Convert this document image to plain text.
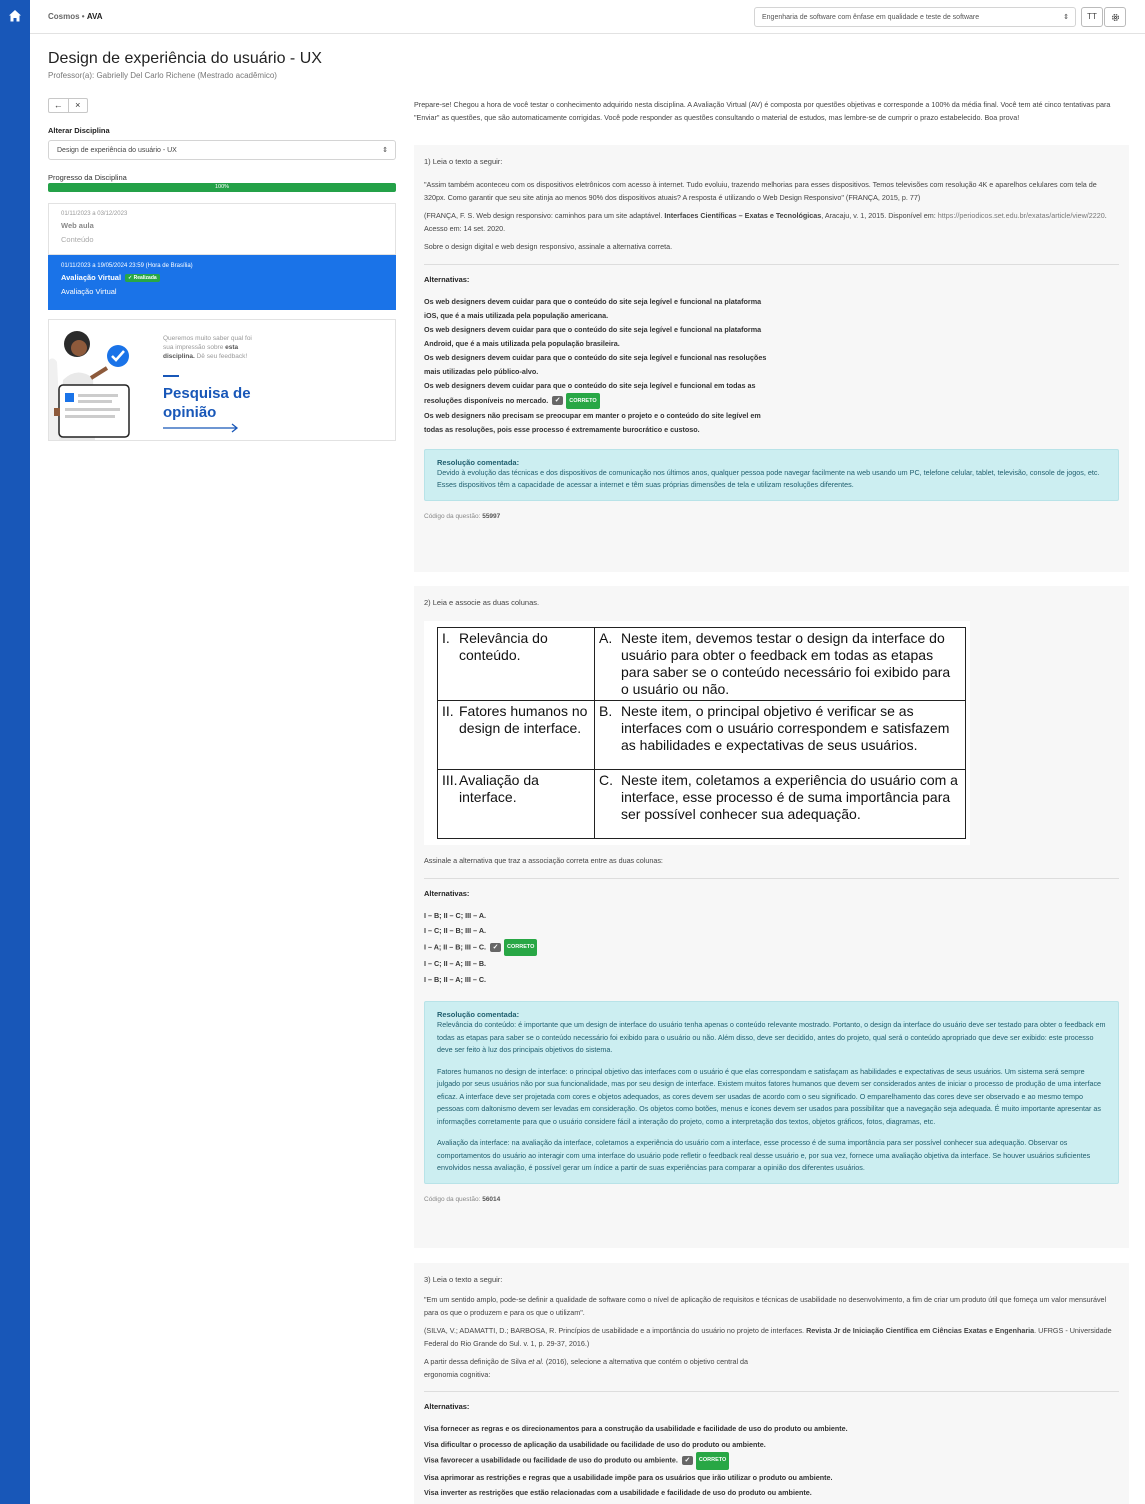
Cosmos • AVA	Engenharia de software com ênfase em qualidade e teste de software	⇕	TT
Design de experiência do usuário - UX
Professor(a): Gabrielly Del Carlo Richene (Mestrado acadêmico)
←	×
Alterar Disciplina
Design de experiência do usuário - UX	⇕
Progresso da Disciplina
100%
01/11/2023 a 03/12/2023
Web aula
Conteúdo
01/11/2023 a 19/05/2024 23:59 (Hora de Brasília)
Avaliação Virtual ✓ Realizada
Avaliação Virtual
Queremos muito saber qual foi sua impressão sobre esta disciplina. Dê seu feedback!
Pesquisa de
opinião
Prepare-se! Chegou a hora de você testar o conhecimento adquirido nesta disciplina. A Avaliação Virtual (AV) é composta por questões objetivas e corresponde a 100% da média final. Você tem até cinco tentativas para "Enviar" as questões, que são automaticamente corrigidas. Você pode responder as questões consultando o material de estudos, mas lembre-se de cumprir o prazo estabelecido. Boa prova!
1) Leia o texto a seguir:
"Assim também aconteceu com os dispositivos eletrônicos com acesso à internet. Tudo evoluiu, trazendo melhorias para esses dispositivos. Temos televisões com resolução 4K e aparelhos celulares com tela de 320px. Como garantir que seu site atinja ao menos 90% dos dispositivos atuais? A resposta é utilizando o Web Design Responsivo" (FRANÇA, 2015, p. 77)
(FRANÇA, F. S. Web design responsivo: caminhos para um site adaptável. Interfaces Científicas – Exatas e Tecnológicas, Aracaju, v. 1, 2015. Disponível em: https://periodicos.set.edu.br/exatas/article/view/2220. Acesso em: 14 set. 2020.
Sobre o design digital e web design responsivo, assinale a alternativa correta.
Alternativas:
Os web designers devem cuidar para que o conteúdo do site seja legível e funcional na plataforma iOS, que é a mais utilizada pela população americana.
Os web designers devem cuidar para que o conteúdo do site seja legível e funcional na plataforma Android, que é a mais utilizada pela população brasileira.
Os web designers devem cuidar para que o conteúdo do site seja legível e funcional nas resoluções mais utilizadas pelo público-alvo.
Os web designers devem cuidar para que o conteúdo do site seja legível e funcional em todas as resoluções disponíveis no mercado. ✓ CORRETO
Os web designers não precisam se preocupar em manter o projeto e o conteúdo do site legível em todas as resoluções, pois esse processo é extremamente burocrático e custoso.
Resolução comentada:

Devido à evolução das técnicas e dos dispositivos de comunicação nos últimos anos, qualquer pessoa pode navegar facilmente na web usando um PC, telefone celular, tablet, televisão, console de jogos, etc. Esses dispositivos têm a capacidade de acessar a internet e têm suas próprias dimensões de tela e utilizam resoluções diferentes.

Código da questão: 55997
2) Leia e associe as duas colunas.
I. Relevância do conteúdo.	A. Neste item, devemos testar o design da interface do usuário para obter o feedback em todas as etapas para saber se o conteúdo necessário foi exibido para o usuário ou não.

II. Fatores humanos no design de interface.	B. Neste item, o principal objetivo é verificar se as interfaces com o usuário correspondem e satisfazem as habilidades e expectativas de seus usuários.

III. Avaliação da interface.	C. Neste item, coletamos a experiência do usuário com a interface, esse processo é de suma importância para ser possível conhecer sua adequação.
Assinale a alternativa que traz a associação correta entre as duas colunas:
Alternativas:
I – B; II – C; III – A.
I – C; II – B; III – A.
I – A; II – B; III – C. ✓ CORRETO
I – C; II – A; III – B.
I – B; II – A; III – C.
Resolução comentada:

Relevância do conteúdo: é importante que um design de interface do usuário tenha apenas o conteúdo relevante mostrado. Portanto, o design da interface do usuário deve ser testado para obter o feedback em todas as etapas para saber se o conteúdo necessário foi exibido para o usuário ou não. Além disso, deve ser decidido, antes do projeto, qual será o conteúdo apropriado que deve ser exibido: este processo deve ser feito à luz dos principais objetivos do sistema.

Fatores humanos no design de interface: o principal objetivo das interfaces com o usuário é que elas correspondam e satisfaçam as habilidades e expectativas de seus usuários. Um sistema será sempre julgado por seus usuários não por sua funcionalidade, mas por seu design de interface. Existem muitos fatores humanos que devem ser considerados antes de iniciar o processo de produção de uma interface eficaz. A interface deve ser projetada com cores e objetos adequados, as cores devem ser usadas de acordo com o seu significado. O emparelhamento das cores deve ser observado e ao mesmo tempo pessoas com daltonismo devem ser levadas em consideração. Os objetos como botões, menus e ícones devem ser usados para possibilitar que a navegação seja adequada. É muito importante apresentar as informações corretamente para que o usuário considere fácil a interação do projeto, como a interpretação dos textos, objetos gráficos, fotos, diagramas, etc.

Avaliação da interface: na avaliação da interface, coletamos a experiência do usuário com a interface, esse processo é de suma importância para ser possível conhecer sua adequação. Observar os comportamentos do usuário ao interagir com uma interface do usuário pode refletir o feedback real desse usuário e, por sua vez, fornece uma avaliação objetiva da interface. Se houver usuários suficientes envolvidos nessa avaliação, é possível gerar um índice a partir de suas experiências para comparar a opinião dos diferentes usuários.

Código da questão: 56014
3) Leia o texto a seguir:
"Em um sentido amplo, pode-se definir a qualidade de software como o nível de aplicação de requisitos e técnicas de usabilidade no desenvolvimento, a fim de criar um produto útil que forneça um valor mensurável para os que o produzem e para os que o utilizam".
(SILVA, V.; ADAMATTI, D.; BARBOSA, R. Princípios de usabilidade e a importância do usuário no projeto de interfaces. Revista Jr de Iniciação Científica em Ciências Exatas e Engenharia. UFRGS - Universidade Federal do Rio Grande do Sul. v. 1, p. 29-37, 2016.)
A partir dessa definição de Silva et al. (2016), selecione a alternativa que contém o objetivo central da ergonomia cognitiva:
Alternativas:
Visa fornecer as regras e os direcionamentos para a construção da usabilidade e facilidade de uso do produto ou ambiente.
Visa dificultar o processo de aplicação da usabilidade ou facilidade de uso do produto ou ambiente.
Visa favorecer a usabilidade ou facilidade de uso do produto ou ambiente. ✓ CORRETO
Visa aprimorar as restrições e regras que a usabilidade impõe para os usuários que irão utilizar o produto ou ambiente.
Visa inverter as restrições que estão relacionadas com a usabilidade e facilidade de uso do produto ou ambiente.
